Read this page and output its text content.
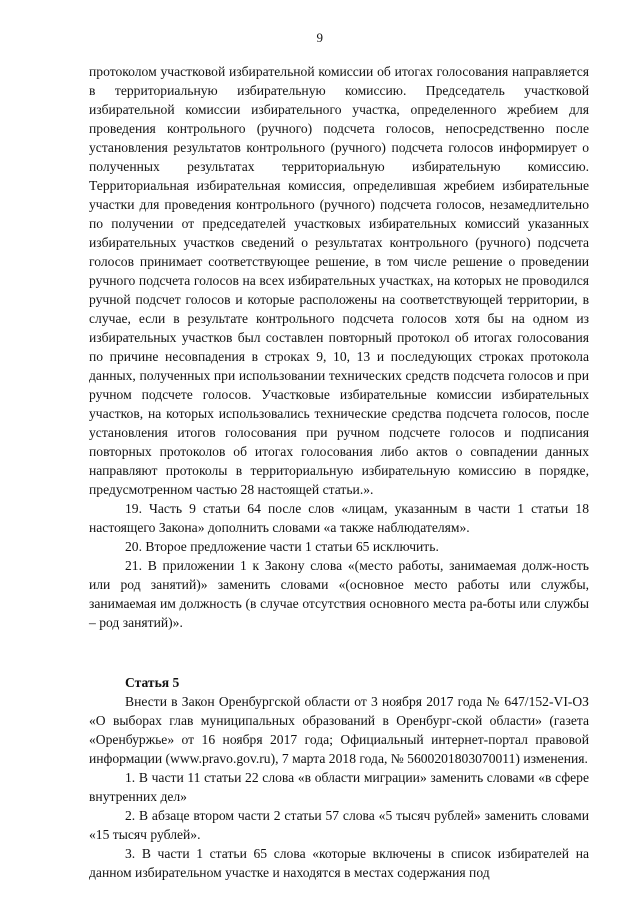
9

протоколом участковой избирательной комиссии об итогах голосования направляется в территориальную избирательную комиссию. Председатель участковой избирательной комиссии избирательного участка, определенного жребием для проведения контрольного (ручного) подсчета голосов, непосредственно после установления результатов контрольного (ручного) подсчета голосов информирует о полученных результатах территориальную избирательную комиссию. Территориальная избирательная комиссия, определившая жребием избирательные участки для проведения контрольного (ручного) подсчета голосов, незамедлительно по получении от председателей участковых избирательных комиссий указанных избирательных участков сведений о результатах контрольного (ручного) подсчета голосов принимает соответствующее решение, в том числе решение о проведении ручного подсчета голосов на всех избирательных участках, на которых не проводился ручной подсчет голосов и которые расположены на соответствующей территории, в случае, если в результате контрольного подсчета голосов хотя бы на одном из избирательных участков был составлен повторный протокол об итогах голосования по причине несовпадения в строках 9, 10, 13 и последующих строках протокола данных, полученных при использовании технических средств подсчета голосов и при ручном подсчете голосов. Участковые избирательные комиссии избирательных участков, на которых использовались технические средства подсчета голосов, после установления итогов голосования при ручном подсчете голосов и подписания повторных протоколов об итогах голосования либо актов о совпадении данных направляют протоколы в территориальную избирательную комиссию в порядке, предусмотренном частью 28 настоящей статьи.».

19. Часть 9 статьи 64 после слов «лицам, указанным в части 1 статьи 18 настоящего Закона» дополнить словами «а также наблюдателям».

20. Второе предложение части 1 статьи 65 исключить.

21. В приложении 1 к Закону слова «(место работы, занимаемая долж-ность или род занятий)» заменить словами «(основное место работы или службы, занимаемая им должность (в случае отсутствия основного места ра-боты или службы – род занятий)».

Статья 5

Внести в Закон Оренбургской области от 3 ноября 2017 года № 647/152-VI-ОЗ «О выборах глав муниципальных образований в Оренбург-ской области» (газета «Оренбуржье» от 16 ноября 2017 года; Официальный интернет-портал правовой информации (www.pravo.gov.ru), 7 марта 2018 года, № 5600201803070011) изменения.

1. В части 11 статьи 22 слова «в области миграции» заменить словами «в сфере внутренних дел»

2. В абзаце втором части 2 статьи 57 слова «5 тысяч рублей» заменить словами «15 тысяч рублей».

3. В части 1 статьи 65 слова «которые включены в список избирателей на данном избирательном участке и находятся в местах содержания под
